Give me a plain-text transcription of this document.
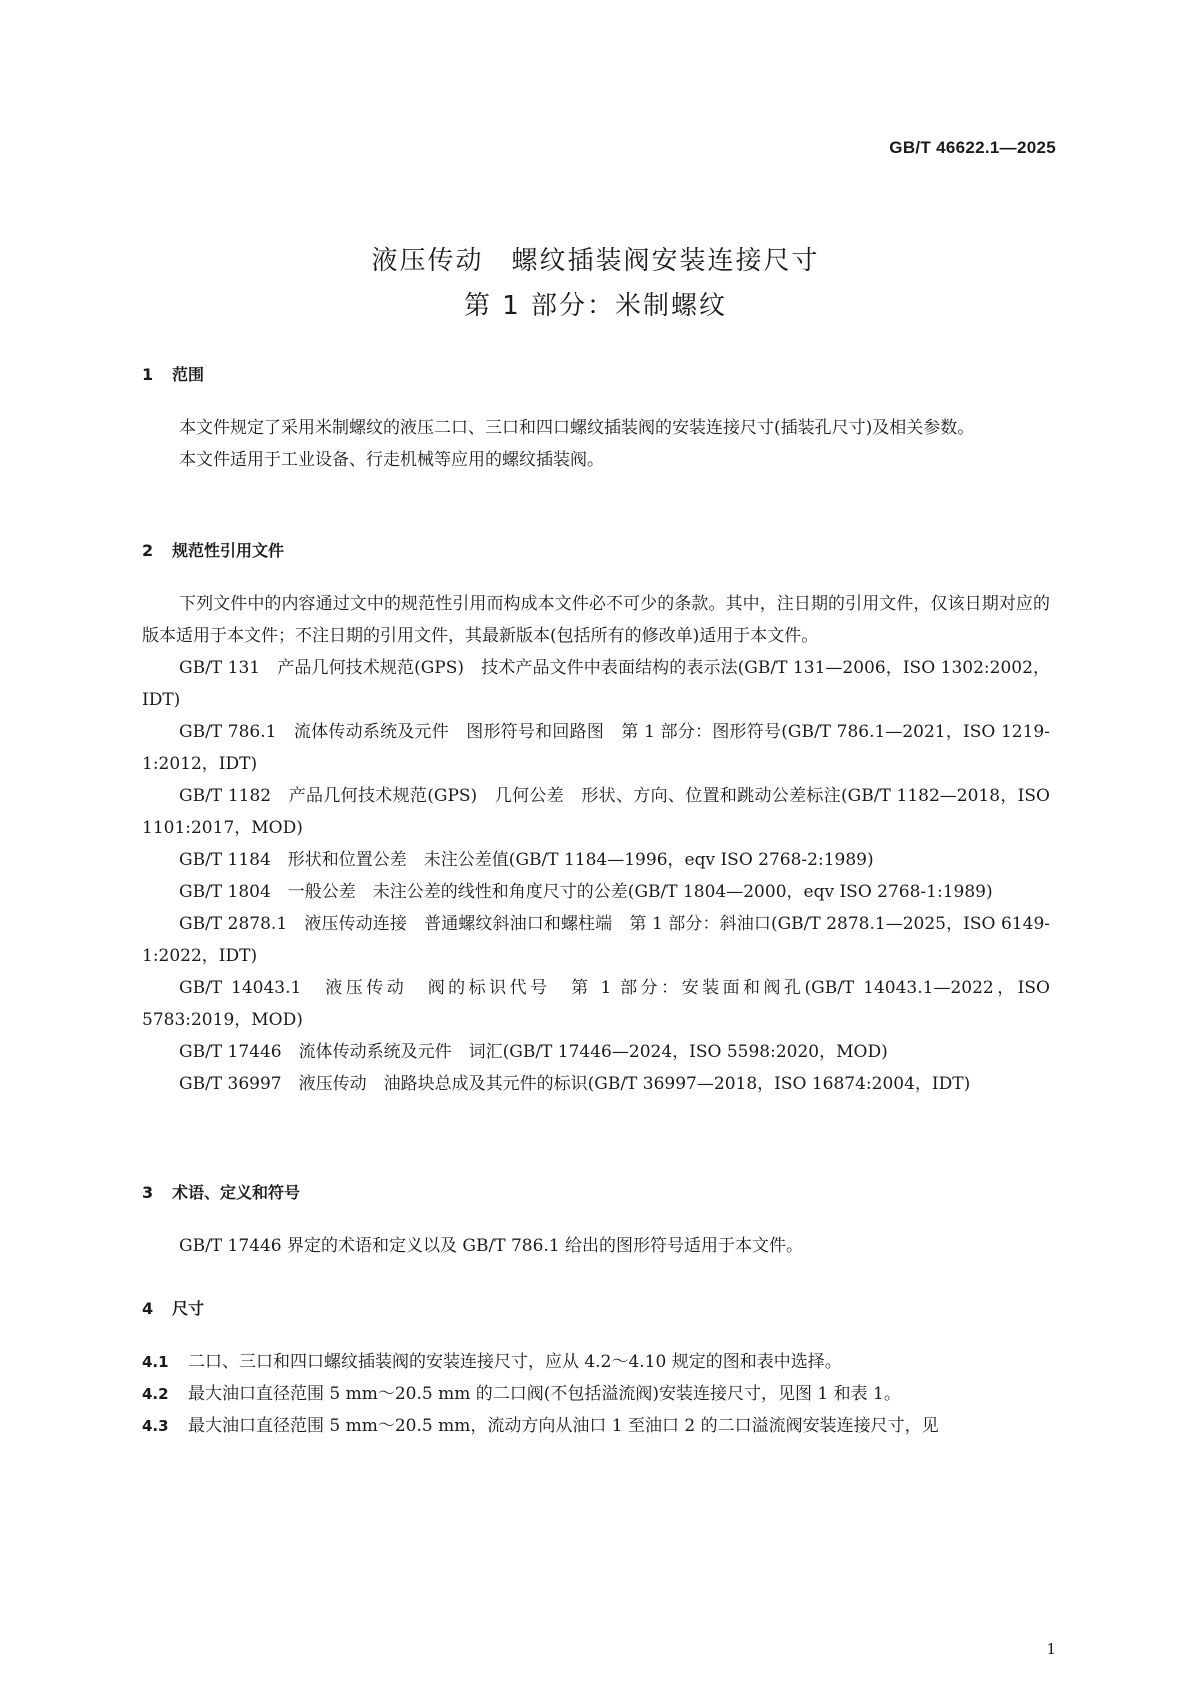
GB/T 46622.1—2025
液压传动　螺纹插装阀安装连接尺寸
第 1 部分：米制螺纹
1 范围

本文件规定了采用米制螺纹的液压二口、三口和四口螺纹插装阀的安装连接尺寸(插装孔尺寸)及相关参数。

本文件适用于工业设备、行走机械等应用的螺纹插装阀。

2 规范性引用文件

下列文件中的内容通过文中的规范性引用而构成本文件必不可少的条款。其中，注日期的引用文件，仅该日期对应的版本适用于本文件；不注日期的引用文件，其最新版本(包括所有的修改单)适用于本文件。

GB/T 131　产品几何技术规范(GPS)　技术产品文件中表面结构的表示法(GB/T 131—2006，ISO 1302:2002，IDT)

GB/T 786.1　流体传动系统及元件　图形符号和回路图　第 1 部分：图形符号(GB/T 786.1—2021，ISO 1219-1:2012，IDT)

GB/T 1182　产品几何技术规范(GPS)　几何公差　形状、方向、位置和跳动公差标注(GB/T 1182—2018，ISO 1101:2017，MOD)

GB/T 1184　形状和位置公差　未注公差值(GB/T 1184—1996，eqv ISO 2768-2:1989)

GB/T 1804　一般公差　未注公差的线性和角度尺寸的公差(GB/T 1804—2000，eqv ISO 2768-1:1989)

GB/T 2878.1　液压传动连接　普通螺纹斜油口和螺柱端　第 1 部分：斜油口(GB/T 2878.1—2025，ISO 6149-1:2022，IDT)

GB/T 14043.1　液压传动　阀的标识代号　第 1 部分：安装面和阀孔(GB/T 14043.1—2022，ISO 5783:2019，MOD)

GB/T 17446　流体传动系统及元件　词汇(GB/T 17446—2024，ISO 5598:2020，MOD)

GB/T 36997　液压传动　油路块总成及其元件的标识(GB/T 36997—2018，ISO 16874:2004，IDT)

3 术语、定义和符号

GB/T 17446 界定的术语和定义以及 GB/T 786.1 给出的图形符号适用于本文件。

4 尺寸
4.1 二口、三口和四口螺纹插装阀的安装连接尺寸，应从 4.2～4.10 规定的图和表中选择。
4.2 最大油口直径范围 5 mm～20.5 mm 的二口阀(不包括溢流阀)安装连接尺寸，见图 1 和表 1。
4.3 最大油口直径范围 5 mm～20.5 mm，流动方向从油口 1 至油口 2 的二口溢流阀安装连接尺寸，见
1
